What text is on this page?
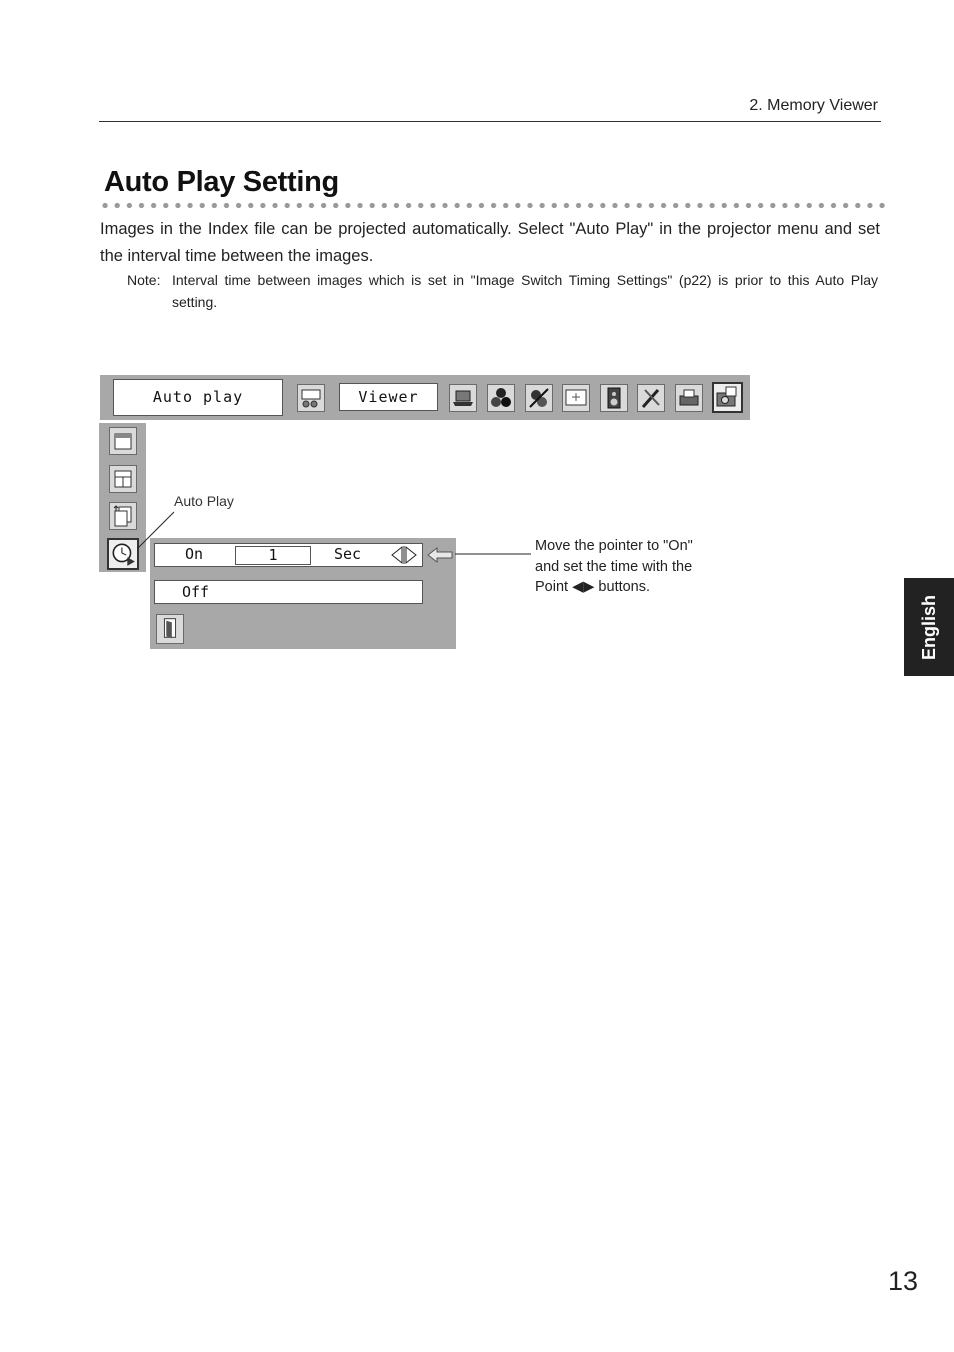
2. Memory Viewer
Auto Play Setting
Images in the Index file can be projected automatically. Select "Auto Play" in the projector menu and set the interval time between the images.
Note: Interval time between images which is set in "Image Switch Timing Settings" (p22) is prior to this Auto Play setting.
Auto play	Viewer
On	1	Sec
Off
Auto Play
Move the pointer to "On"
and set the time with the
Point ◀▶ buttons.
English
13
